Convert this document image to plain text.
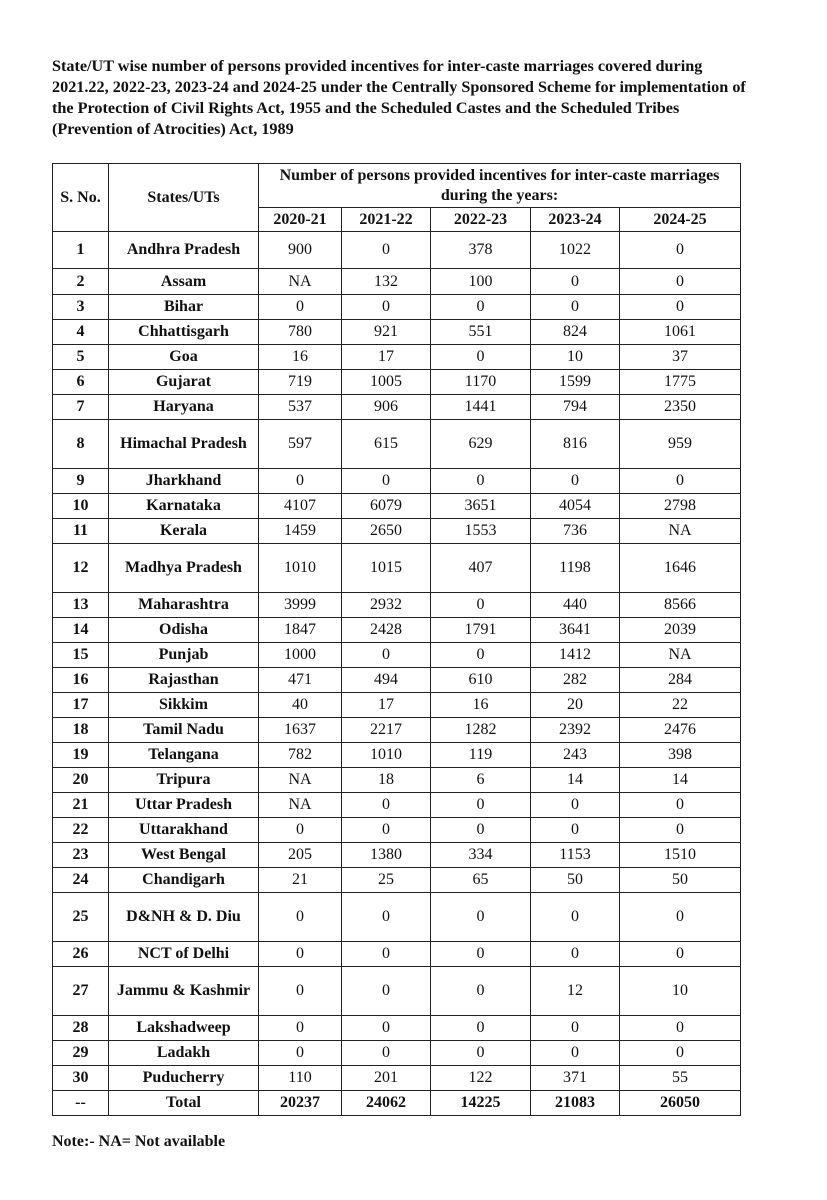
State/UT wise number of persons provided incentives for inter-caste marriages covered during 2021.22, 2022-23, 2023-24 and 2024-25 under the Centrally Sponsored Scheme for implementation of the Protection of Civil Rights Act, 1955 and the Scheduled Castes and the Scheduled Tribes (Prevention of Atrocities) Act, 1989
S. No.	States/UTs	Number of persons provided incentives for inter-caste marriages during the years:				
		2020-21	2021-22	2022-23	2023-24	2024-25
1	Andhra Pradesh	900	0	378	1022	0
2	Assam	NA	132	100	0	0
3	Bihar	0	0	0	0	0
4	Chhattisgarh	780	921	551	824	1061
5	Goa	16	17	0	10	37
6	Gujarat	719	1005	1170	1599	1775
7	Haryana	537	906	1441	794	2350
8	Himachal Pradesh	597	615	629	816	959
9	Jharkhand	0	0	0	0	0
10	Karnataka	4107	6079	3651	4054	2798
11	Kerala	1459	2650	1553	736	NA
12	Madhya Pradesh	1010	1015	407	1198	1646
13	Maharashtra	3999	2932	0	440	8566
14	Odisha	1847	2428	1791	3641	2039
15	Punjab	1000	0	0	1412	NA
16	Rajasthan	471	494	610	282	284
17	Sikkim	40	17	16	20	22
18	Tamil Nadu	1637	2217	1282	2392	2476
19	Telangana	782	1010	119	243	398
20	Tripura	NA	18	6	14	14
21	Uttar Pradesh	NA	0	0	0	0
22	Uttarakhand	0	0	0	0	0
23	West Bengal	205	1380	334	1153	1510
24	Chandigarh	21	25	65	50	50
25	D&NH & D. Diu	0	0	0	0	0
26	NCT of Delhi	0	0	0	0	0
27	Jammu & Kashmir	0	0	0	12	10
28	Lakshadweep	0	0	0	0	0
29	Ladakh	0	0	0	0	0
30	Puducherry	110	201	122	371	55
--	Total	20237	24062	14225	21083	26050

Note:- NA= Not available
